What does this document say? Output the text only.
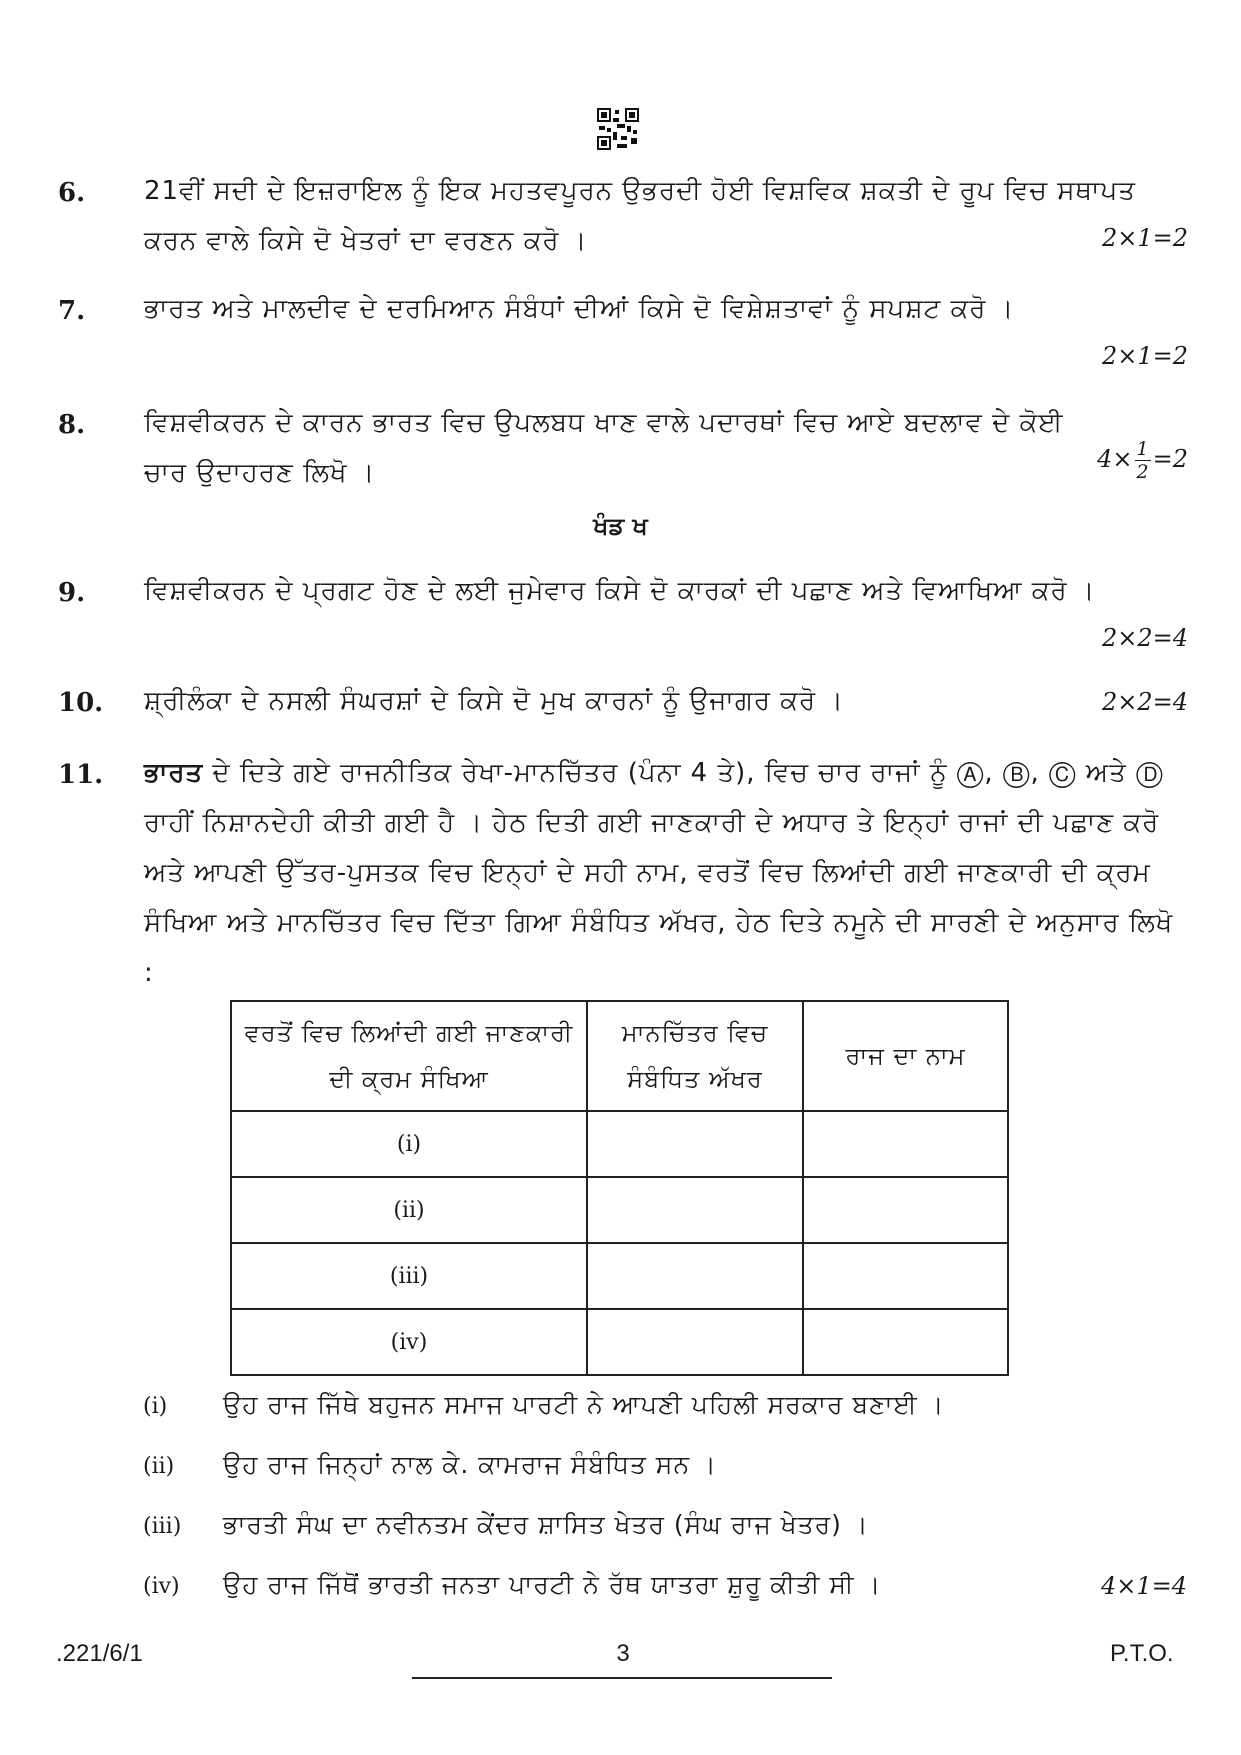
6. 21ਵੀਂ ਸਦੀ ਦੇ ਇਜ਼ਰਾਇਲ ਨੂੰ ਇਕ ਮਹਤਵਪੂਰਨ ਉਭਰਦੀ ਹੋਈ ਵਿਸ਼ਵਿਕ ਸ਼ਕਤੀ ਦੇ ਰੂਪ ਵਿਚ ਸਥਾਪਤ ਕਰਨ ਵਾਲੇ ਕਿਸੇ ਦੋ ਖੇਤਰਾਂ ਦਾ ਵਰਣਨ ਕਰੋ ।	2×1=2
7. ਭਾਰਤ ਅਤੇ ਮਾਲਦੀਵ ਦੇ ਦਰਮਿਆਨ ਸੰਬੰਧਾਂ ਦੀਆਂ ਕਿਸੇ ਦੋ ਵਿਸ਼ੇਸ਼ਤਾਵਾਂ ਨੂੰ ਸਪਸ਼ਟ ਕਰੋ ।
2×1=2
8. ਵਿਸ਼ਵੀਕਰਨ ਦੇ ਕਾਰਨ ਭਾਰਤ ਵਿਚ ਉਪਲਬਧ ਖਾਣ ਵਾਲੇ ਪਦਾਰਥਾਂ ਵਿਚ ਆਏ ਬਦਲਾਵ ਦੇ ਕੋਈ ਚਾਰ ਉਦਾਹਰਣ ਲਿਖੋ ।	$4\times \frac{1}{2} =2$
ਖੰਡ ਖ
9. ਵਿਸ਼ਵੀਕਰਨ ਦੇ ਪ੍ਰਗਟ ਹੋਣ ਦੇ ਲਈ ਜੁਮੇਵਾਰ ਕਿਸੇ ਦੋ ਕਾਰਕਾਂ ਦੀ ਪਛਾਣ ਅਤੇ ਵਿਆਖਿਆ ਕਰੋ ।
2×2=4
10. ਸ਼੍ਰੀਲੰਕਾ ਦੇ ਨਸਲੀ ਸੰਘਰਸ਼ਾਂ ਦੇ ਕਿਸੇ ਦੋ ਮੁਖ ਕਾਰਨਾਂ ਨੂੰ ਉਜਾਗਰ ਕਰੋ ।	2×2=4
11. ਭਾਰਤ ਦੇ ਦਿਤੇ ਗਏ ਰਾਜਨੀਤਿਕ ਰੇਖਾ-ਮਾਨਚਿੱਤਰ (ਪੰਨਾ 4 ਤੇ), ਵਿਚ ਚਾਰ ਰਾਜਾਂ ਨੂੰ Ⓐ, Ⓑ, Ⓒ ਅਤੇ Ⓓ ਰਾਹੀਂ ਨਿਸ਼ਾਨਦੇਹੀ ਕੀਤੀ ਗਈ ਹੈ । ਹੇਠ ਦਿਤੀ ਗਈ ਜਾਣਕਾਰੀ ਦੇ ਅਧਾਰ ਤੇ ਇਨ੍ਹਾਂ ਰਾਜਾਂ ਦੀ ਪਛਾਣ ਕਰੋ ਅਤੇ ਆਪਣੀ ਉੱਤਰ-ਪੁਸਤਕ ਵਿਚ ਇਨ੍ਹਾਂ ਦੇ ਸਹੀ ਨਾਮ, ਵਰਤੋਂ ਵਿਚ ਲਿਆਂਦੀ ਗਈ ਜਾਣਕਾਰੀ ਦੀ ਕ੍ਰਮ ਸੰਖਿਆ ਅਤੇ ਮਾਨਚਿੱਤਰ ਵਿਚ ਦਿੱਤਾ ਗਿਆ ਸੰਬੰਧਿਤ ਅੱਖਰ, ਹੇਠ ਦਿਤੇ ਨਮੂਨੇ ਦੀ ਸਾਰਣੀ ਦੇ ਅਨੁਸਾਰ ਲਿਖੋ :
ਵਰਤੋਂ ਵਿਚ ਲਿਆਂਦੀ ਗਈ ਜਾਣਕਾਰੀ ਦੀ ਕ੍ਰਮ ਸੰਖਿਆ	ਮਾਨਚਿੱਤਰ ਵਿਚ ਸੰਬੰਧਿਤ ਅੱਖਰ	ਰਾਜ ਦਾ ਨਾਮ
(i)		
(ii)		
(iii)		
(iv)		
(i) ਉਹ ਰਾਜ ਜਿੱਥੇ ਬਹੁਜਨ ਸਮਾਜ ਪਾਰਟੀ ਨੇ ਆਪਣੀ ਪਹਿਲੀ ਸਰਕਾਰ ਬਣਾਈ ।
(ii) ਉਹ ਰਾਜ ਜਿਨ੍ਹਾਂ ਨਾਲ ਕੇ. ਕਾਮਰਾਜ ਸੰਬੰਧਿਤ ਸਨ ।
(iii) ਭਾਰਤੀ ਸੰਘ ਦਾ ਨਵੀਨਤਮ ਕੇਂਦਰ ਸ਼ਾਸਿਤ ਖੇਤਰ (ਸੰਘ ਰਾਜ ਖੇਤਰ) ।
(iv) ਉਹ ਰਾਜ ਜਿੱਥੋਂ ਭਾਰਤੀ ਜਨਤਾ ਪਾਰਟੀ ਨੇ ਰੱਥ ਯਾਤਰਾ ਸ਼ੁਰੂ ਕੀਤੀ ਸੀ ।	4×1=4
.221/6/1	3	P.T.O.
